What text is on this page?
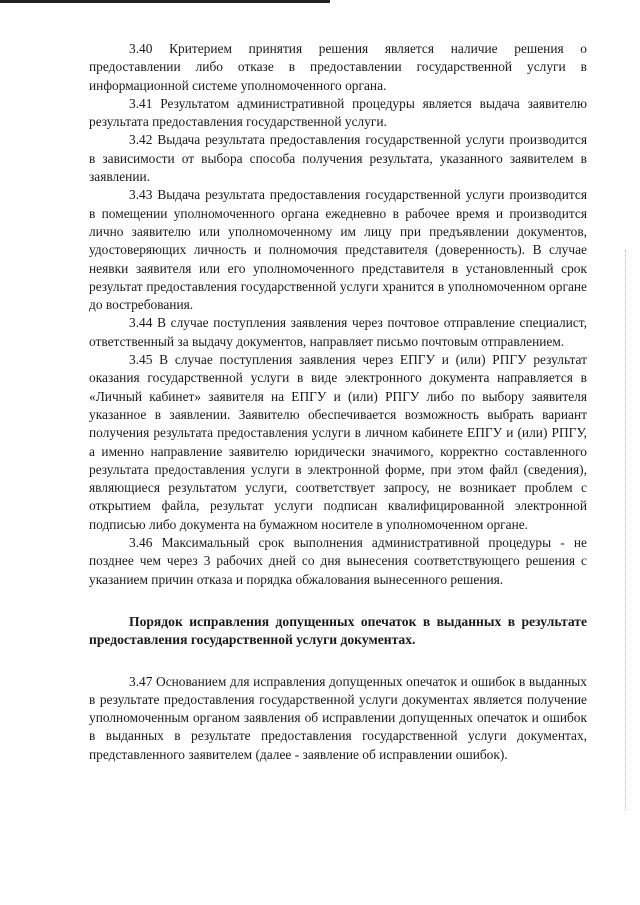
3.40 Критерием принятия решения является наличие решения о предоставлении либо отказе в предоставлении государственной услуги в информационной системе уполномоченного органа.

3.41 Результатом административной процедуры является выдача заявителю результата предоставления государственной услуги.

3.42 Выдача результата предоставления государственной услуги производится в зависимости от выбора способа получения результата, указанного заявителем в заявлении.

3.43 Выдача результата предоставления государственной услуги производится в помещении уполномоченного органа ежедневно в рабочее время и производится лично заявителю или уполномоченному им лицу при предъявлении документов, удостоверяющих личность и полномочия представителя (доверенность). В случае неявки заявителя или его уполномоченного представителя в установленный срок результат предоставления государственной услуги хранится в уполномоченном органе до востребования.

3.44 В случае поступления заявления через почтовое отправление специалист, ответственный за выдачу документов, направляет письмо почтовым отправлением.

3.45 В случае поступления заявления через ЕПГУ и (или) РПГУ результат оказания государственной услуги в виде электронного документа направляется в «Личный кабинет» заявителя на ЕПГУ и (или) РПГУ либо по выбору заявителя указанное в заявлении. Заявителю обеспечивается возможность выбрать вариант получения результата предоставления услуги в личном кабинете ЕПГУ и (или) РПГУ, а именно направление заявителю юридически значимого, корректно составленного результата предоставления услуги в электронной форме, при этом файл (сведения), являющиеся результатом услуги, соответствует запросу, не возникает проблем с открытием файла, результат услуги подписан квалифицированной электронной подписью либо документа на бумажном носителе в уполномоченном органе.

3.46 Максимальный срок выполнения административной процедуры - не позднее чем через 3 рабочих дней со дня вынесения соответствующего решения с указанием причин отказа и порядка обжалования вынесенного решения.

Порядок исправления допущенных опечаток в выданных в результате предоставления государственной услуги документах.

3.47 Основанием для исправления допущенных опечаток и ошибок в выданных в результате предоставления государственной услуги документах является получение уполномоченным органом заявления об исправлении допущенных опечаток и ошибок в выданных в результате предоставления государственной услуги документах, представленного заявителем (далее - заявление об исправлении ошибок).
